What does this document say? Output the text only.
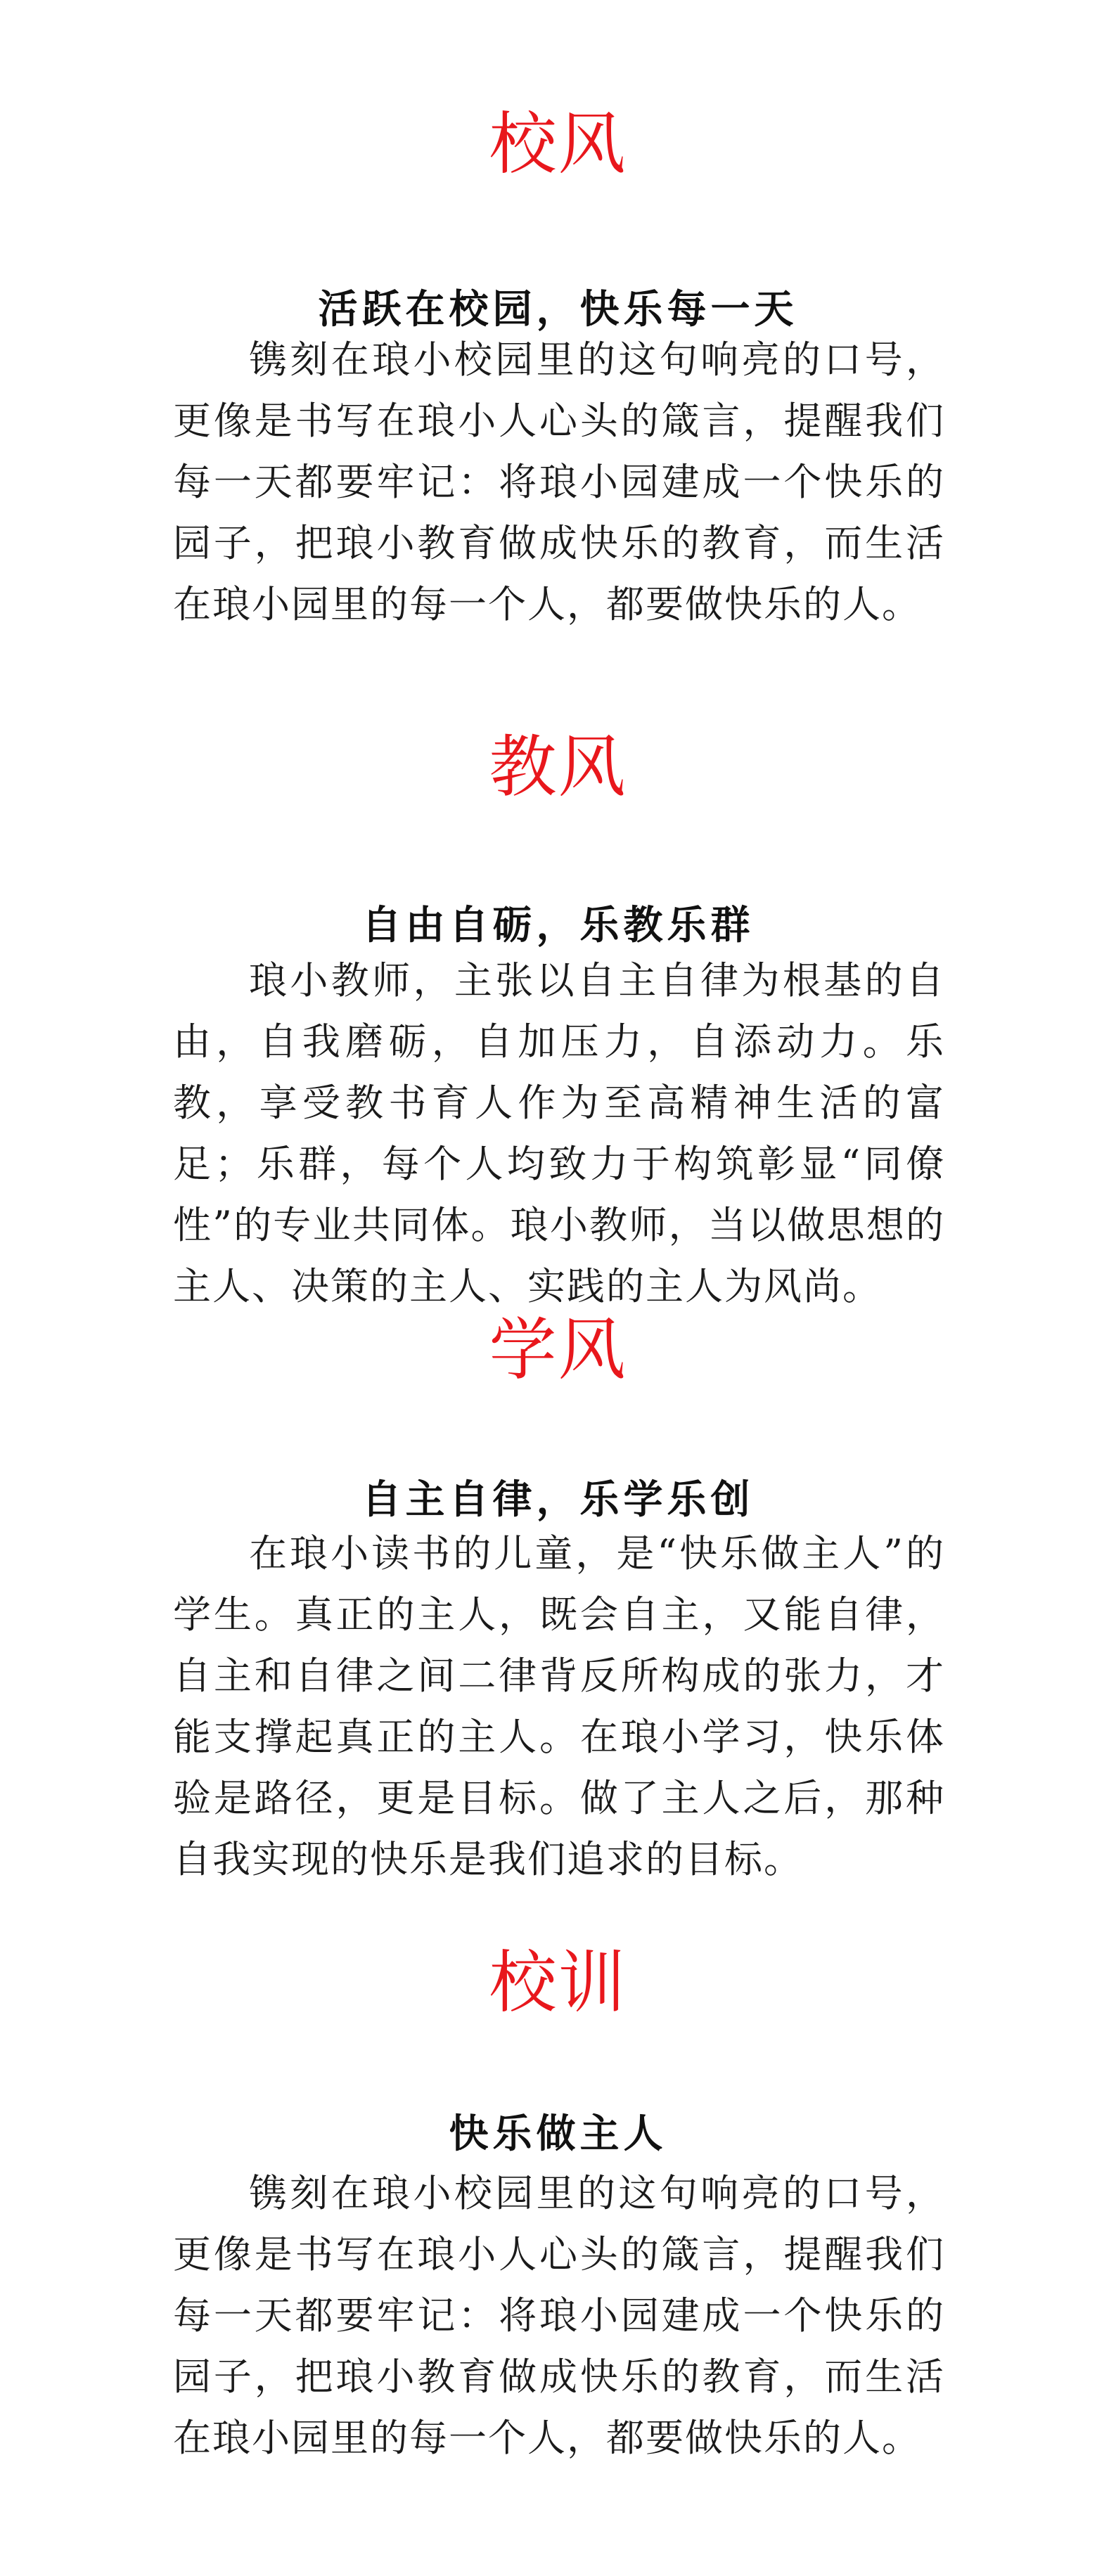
校风
活跃在校园，快乐每一天

镌刻在琅小校园里的这句响亮的口号，更像是书写在琅小人心头的箴言，提醒我们每一天都要牢记：将琅小园建成一个快乐的园子，把琅小教育做成快乐的教育，而生活在琅小园里的每一个人，都要做快乐的人。

教风
自由自砺，乐教乐群

琅小教师，主张以自主自律为根基的自由，自我磨砺，自加压力，自添动力。乐教，享受教书育人作为至高精神生活的富足；乐群，每个人均致力于构筑彰显“同僚性”的专业共同体。琅小教师，当以做思想的主人、决策的主人、实践的主人为风尚。

学风
自主自律，乐学乐创

在琅小读书的儿童，是“快乐做主人”的学生。真正的主人，既会自主，又能自律，自主和自律之间二律背反所构成的张力，才能支撑起真正的主人。在琅小学习，快乐体验是路径，更是目标。做了主人之后，那种自我实现的快乐是我们追求的目标。

校训
快乐做主人

镌刻在琅小校园里的这句响亮的口号，更像是书写在琅小人心头的箴言，提醒我们每一天都要牢记：将琅小园建成一个快乐的园子，把琅小教育做成快乐的教育，而生活在琅小园里的每一个人，都要做快乐的人。
